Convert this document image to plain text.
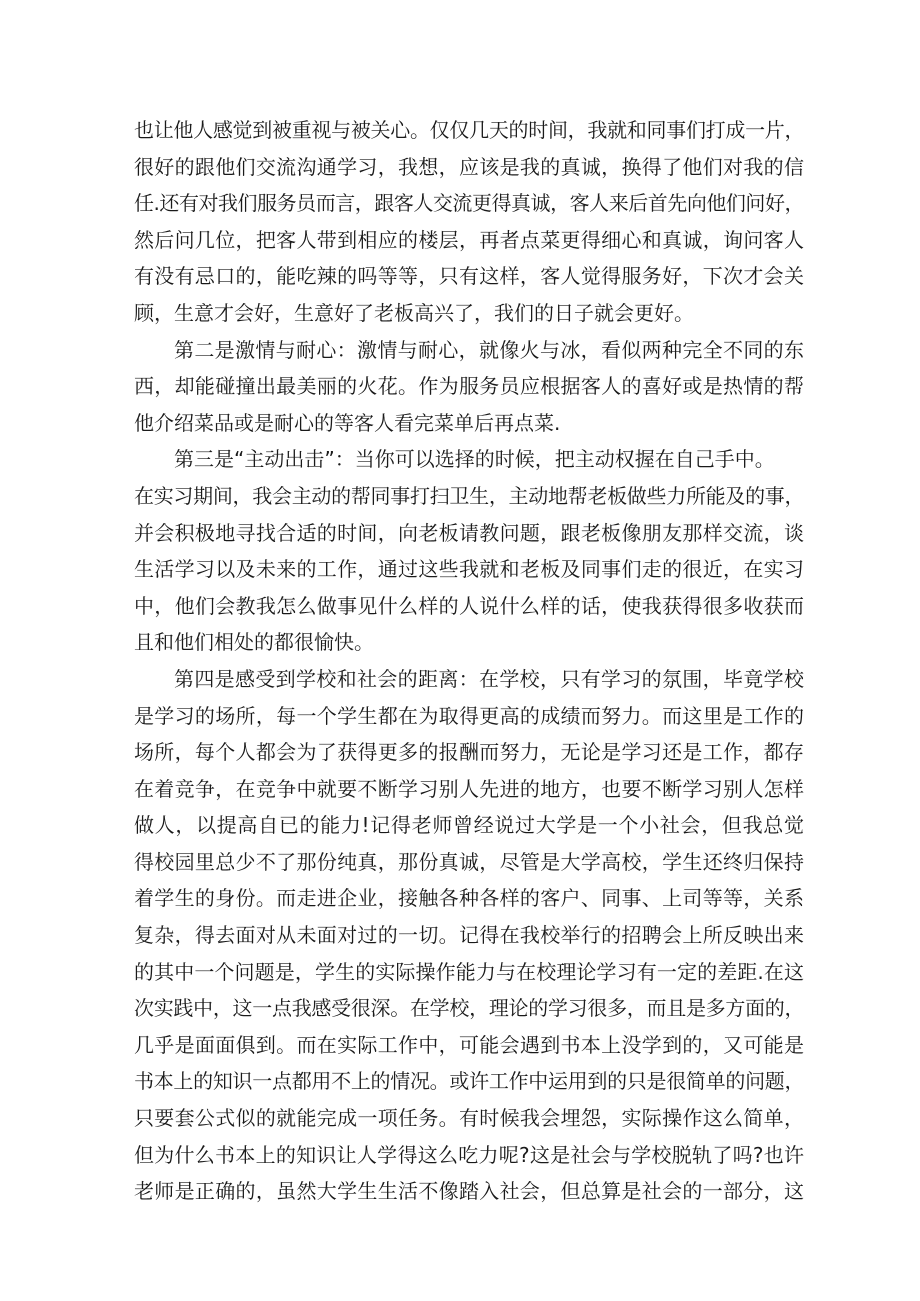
也让他人感觉到被重视与被关心。仅仅几天的时间，我就和同事们打成一片，
很好的跟他们交流沟通学习，我想，应该是我的真诚，换得了他们对我的信
任.还有对我们服务员而言，跟客人交流更得真诚，客人来后首先向他们问好，
然后问几位，把客人带到相应的楼层，再者点菜更得细心和真诚，询问客人
有没有忌口的，能吃辣的吗等等，只有这样，客人觉得服务好，下次才会关
顾，生意才会好，生意好了老板高兴了，我们的日子就会更好。
第二是激情与耐心：激情与耐心，就像火与冰，看似两种完全不同的东
西，却能碰撞出最美丽的火花。作为服务员应根据客人的喜好或是热情的帮
他介绍菜品或是耐心的等客人看完菜单后再点菜.
第三是“主动出击”：当你可以选择的时候，把主动权握在自己手中。
在实习期间，我会主动的帮同事打扫卫生，主动地帮老板做些力所能及的事，
并会积极地寻找合适的时间，向老板请教问题，跟老板像朋友那样交流，谈
生活学习以及未来的工作，通过这些我就和老板及同事们走的很近，在实习
中，他们会教我怎么做事见什么样的人说什么样的话，使我获得很多收获而
且和他们相处的都很愉快。
第四是感受到学校和社会的距离：在学校，只有学习的氛围，毕竟学校
是学习的场所，每一个学生都在为取得更高的成绩而努力。而这里是工作的
场所，每个人都会为了获得更多的报酬而努力，无论是学习还是工作，都存
在着竞争，在竞争中就要不断学习别人先进的地方，也要不断学习别人怎样
做人，以提高自已的能力!记得老师曾经说过大学是一个小社会，但我总觉
得校园里总少不了那份纯真，那份真诚，尽管是大学高校，学生还终归保持
着学生的身份。而走进企业，接触各种各样的客户、同事、上司等等，关系
复杂，得去面对从未面对过的一切。记得在我校举行的招聘会上所反映出来
的其中一个问题是，学生的实际操作能力与在校理论学习有一定的差距.在这
次实践中，这一点我感受很深。在学校，理论的学习很多，而且是多方面的，
几乎是面面俱到。而在实际工作中，可能会遇到书本上没学到的，又可能是
书本上的知识一点都用不上的情况。或许工作中运用到的只是很简单的问题，
只要套公式似的就能完成一项任务。有时候我会埋怨，实际操作这么简单，
但为什么书本上的知识让人学得这么吃力呢?这是社会与学校脱轨了吗?也许
老师是正确的，虽然大学生生活不像踏入社会，但总算是社会的一部分，这
